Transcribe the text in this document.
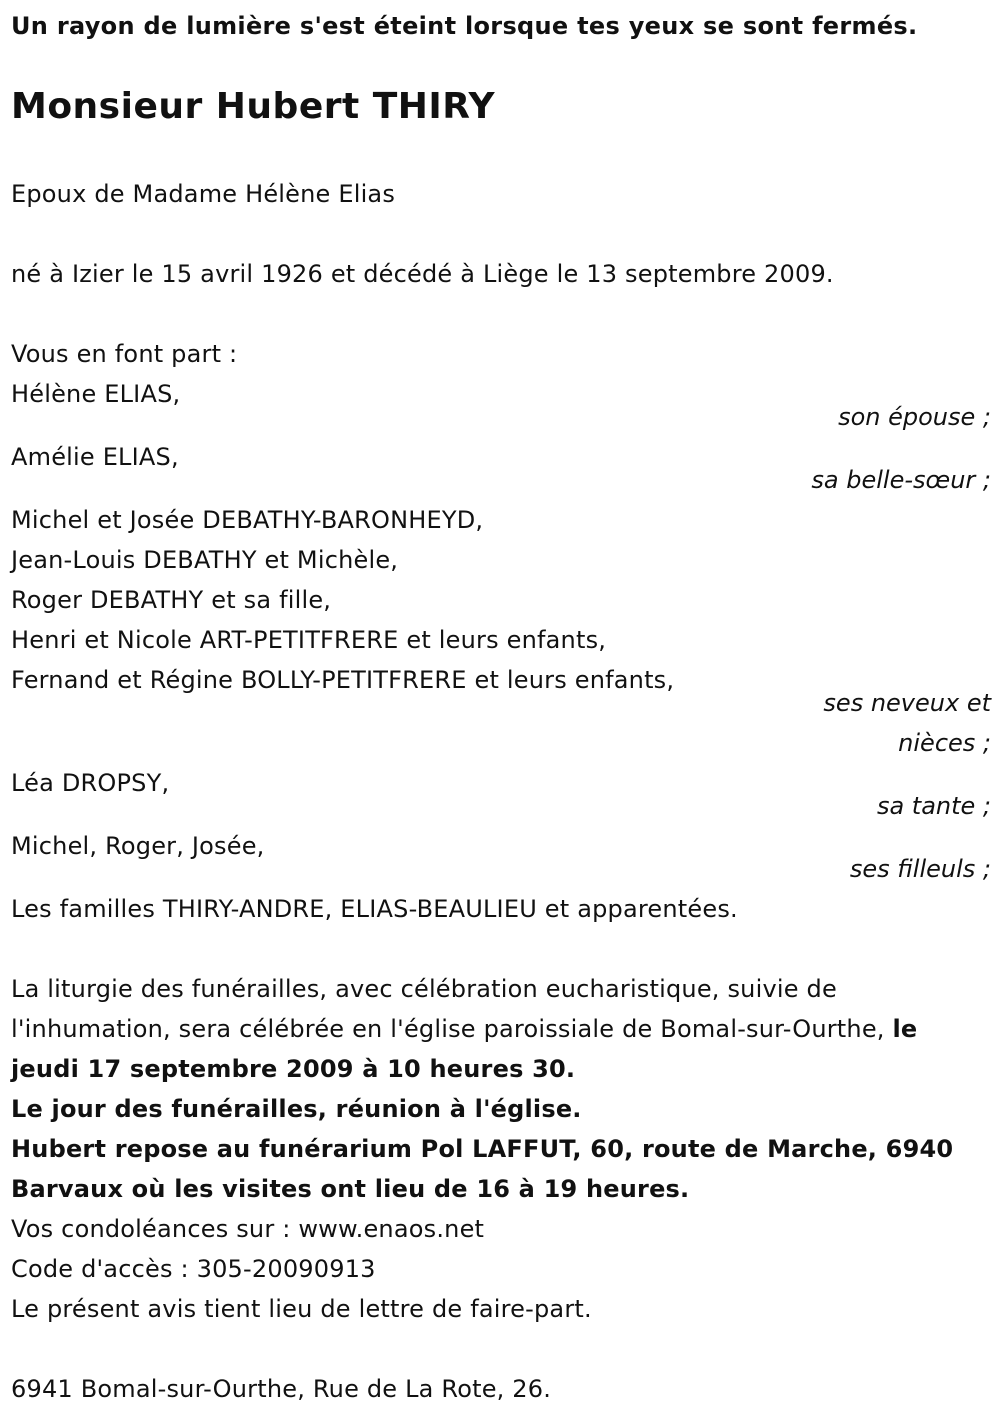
Un rayon de lumière s'est éteint lorsque tes yeux se sont fermés.
Monsieur Hubert THIRY
Epoux de Madame Hélène Elias
né à Izier le 15 avril 1926 et décédé à Liège le 13 septembre 2009.
Vous en font part :
Hélène ELIAS,
son épouse ;
Amélie ELIAS,
sa belle-sœur ;
Michel et Josée DEBATHY-BARONHEYD,
Jean-Louis DEBATHY et Michèle,
Roger DEBATHY et sa fille,
Henri et Nicole ART-PETITFRERE et leurs enfants,
Fernand et Régine BOLLY-PETITFRERE et leurs enfants,
ses neveux et
nièces ;
Léa DROPSY,
sa tante ;
Michel, Roger, Josée,
ses filleuls ;
Les familles THIRY-ANDRE, ELIAS-BEAULIEU et apparentées.
La liturgie des funérailles, avec célébration eucharistique, suivie de
l'inhumation, sera célébrée en l'église paroissiale de Bomal-sur-Ourthe, le
jeudi 17 septembre 2009 à 10 heures 30.
Le jour des funérailles, réunion à l'église.
Hubert repose au funérarium Pol LAFFUT, 60, route de Marche, 6940
Barvaux où les visites ont lieu de 16 à 19 heures.
Vos condoléances sur : www.enaos.net
Code d'accès : 305-20090913
Le présent avis tient lieu de lettre de faire-part.
6941 Bomal-sur-Ourthe, Rue de La Rote, 26.
